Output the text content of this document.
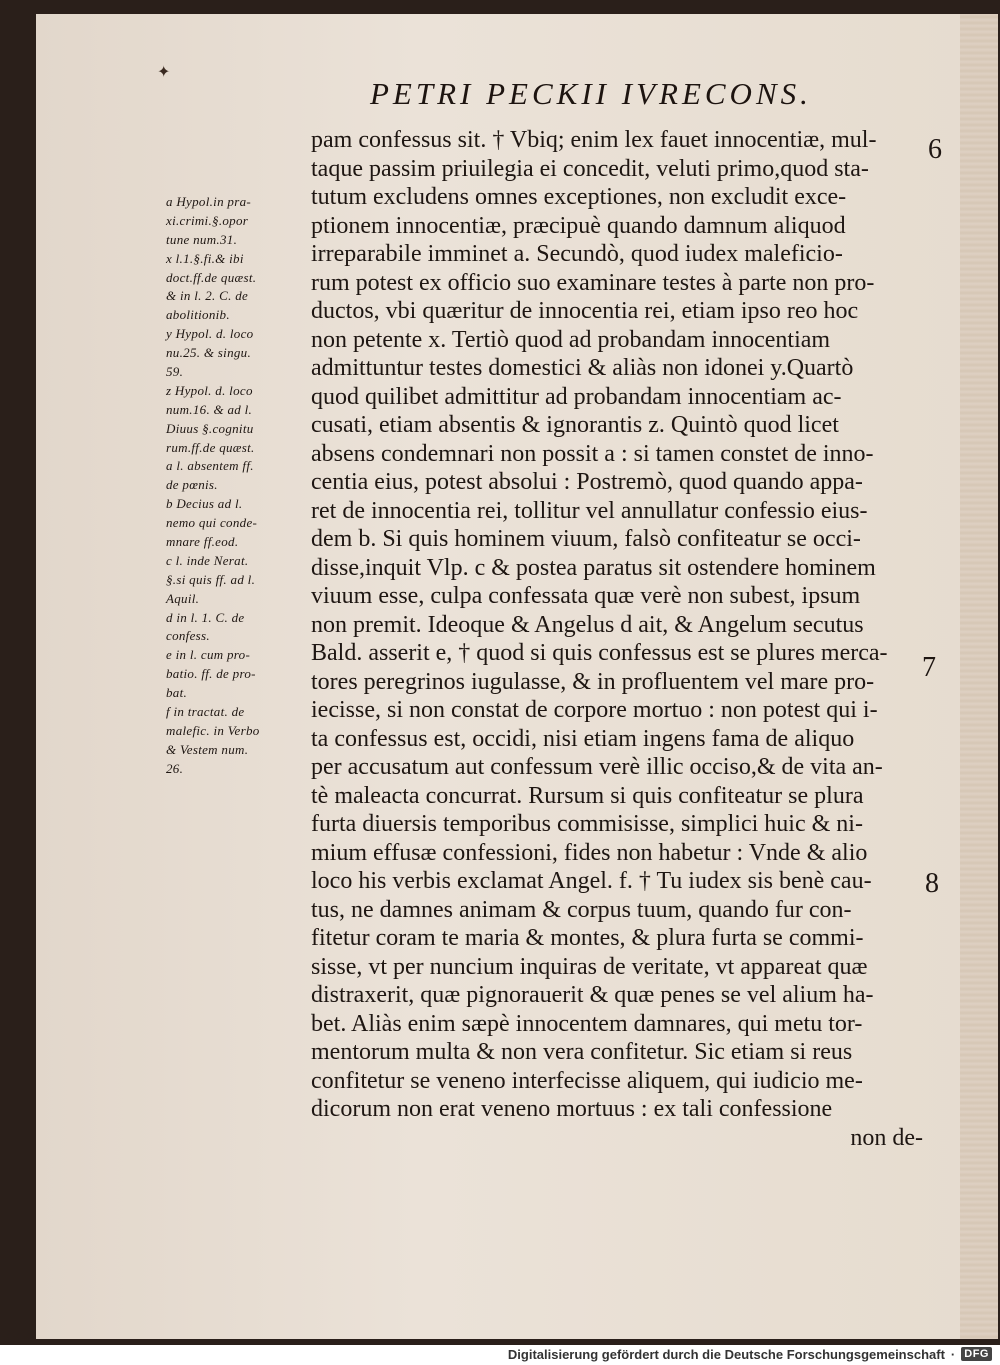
✦
PETRI PECKII IVRECONS.
pam confessus sit. † Vbiq; enim lex fauet innocentiæ, mul-
taque passim priuilegia ei concedit, veluti primo,quod sta-
tutum excludens omnes exceptiones, non excludit exce-
ptionem innocentiæ, præcipuè quando damnum aliquod
irreparabile imminet a. Secundò, quod iudex maleficio-
rum potest ex officio suo examinare testes à parte non pro-
ductos, vbi quæritur de innocentia rei, etiam ipso reo hoc
non petente x. Tertiò quod ad probandam innocentiam
admittuntur testes domestici & aliàs non idonei y.Quartò
quod quilibet admittitur ad probandam innocentiam ac-
cusati, etiam absentis & ignorantis z. Quintò quod licet
absens condemnari non possit a : si tamen constet de inno-
centia eius, potest absolui : Postremò, quod quando appa-
ret de innocentia rei, tollitur vel annullatur confessio eius-
dem b. Si quis hominem viuum, falsò confiteatur se occi-
disse,inquit Vlp. c & postea paratus sit ostendere hominem
viuum esse, culpa confessata quæ verè non subest, ipsum
non premit. Ideoque & Angelus d ait, & Angelum secutus
Bald. asserit e, † quod si quis confessus est se plures merca-
tores peregrinos iugulasse, & in profluentem vel mare pro-
iecisse, si non constat de corpore mortuo : non potest qui i-
ta confessus est, occidi, nisi etiam ingens fama de aliquo
per accusatum aut confessum verè illic occiso,& de vita an-
tè maleacta concurrat. Rursum si quis confiteatur se plura
furta diuersis temporibus commisisse, simplici huic & ni-
mium effusæ confessioni, fides non habetur : Vnde & alio
loco his verbis exclamat Angel. f. † Tu iudex sis benè cau-
tus, ne damnes animam & corpus tuum, quando fur con-
fitetur coram te maria & montes, & plura furta se commi-
sisse, vt per nuncium inquiras de veritate, vt appareat quæ
distraxerit, quæ pignorauerit & quæ penes se vel alium ha-
bet. Aliàs enim sæpè innocentem damnares, qui metu tor-
mentorum multa & non vera confitetur. Sic etiam si reus
confitetur se veneno interfecisse aliquem, qui iudicio me-
dicorum non erat veneno mortuus : ex tali confessione
non de-
a Hypol.in pra-
xi.crimi.§.opor
tune num.31.
x l.1.§.fi.& ibi
doct.ff.de quæst.
& in l. 2. C. de
abolitionib.
y Hypol. d. loco
nu.25. & singu.
59.
z Hypol. d. loco
num.16. & ad l.
Diuus §.cognitu
rum.ff.de quæst.
a l. absentem ff.
de pœnis.
b Decius ad l.
nemo qui conde-
mnare ff.eod.
c l. inde Nerat.
§.si quis ff. ad l.
Aquil.
d in l. 1. C. de
confess.
e in l. cum pro-
batio. ff. de pro-
bat.
f in tractat. de
malefic. in Verbo
& Vestem num.
26.
6
7
8
Digitalisierung gefördert durch die Deutsche Forschungsgemeinschaft · DFG
